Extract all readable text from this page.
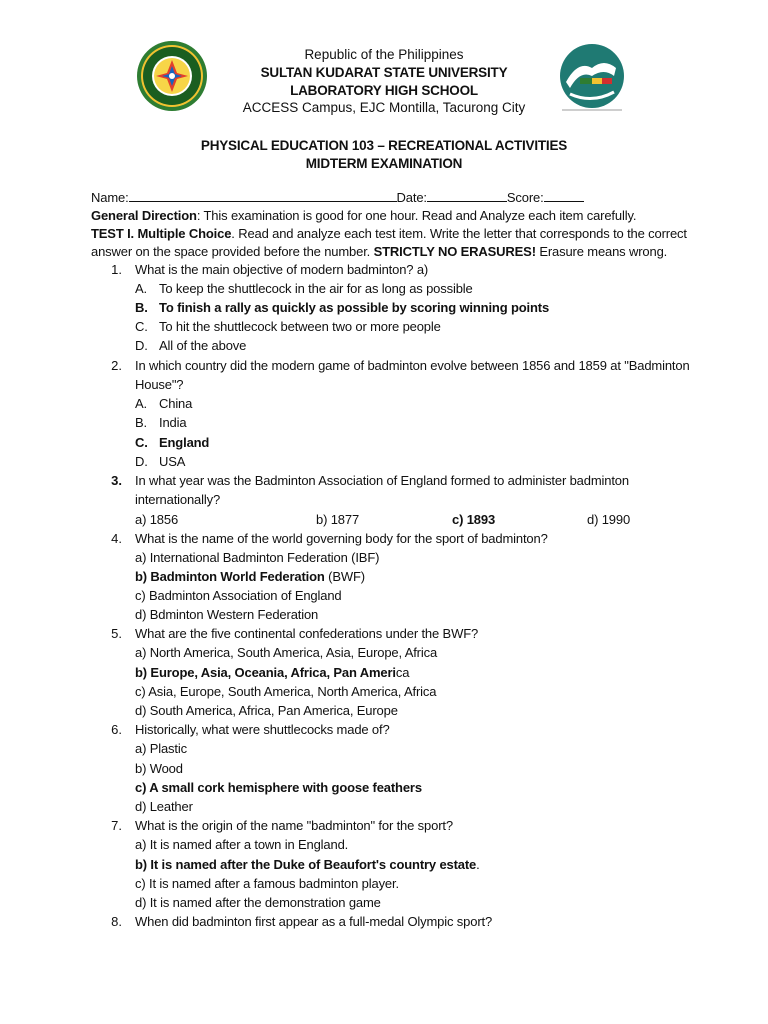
Republic of the Philippines
SULTAN KUDARAT STATE UNIVERSITY
LABORATORY HIGH SCHOOL
ACCESS Campus, EJC Montilla, Tacurong City
PHYSICAL EDUCATION 103 – RECREATIONAL ACTIVITIES
MIDTERM EXAMINATION
Name:	Date:	Score:
General Direction: This examination is good for one hour. Read and Analyze each item carefully.
TEST I. Multiple Choice. Read and analyze each test item. Write the letter that corresponds to the correct
answer on the space provided before the number. STRICTLY NO ERASURES! Erasure means wrong.
1. What is the main objective of modern badminton? a)
A. To keep the shuttlecock in the air for as long as possible
B. To finish a rally as quickly as possible by scoring winning points
C. To hit the shuttlecock between two or more people
D. All of the above
2. In which country did the modern game of badminton evolve between 1856 and 1859 at "Badminton
House"?
A. China
B. India
C. England
D. USA
3. In what year was the Badminton Association of England formed to administer badminton
internationally?
a) 1856	b) 1877	c) 1893	d) 1990
4. What is the name of the world governing body for the sport of badminton?
a) International Badminton Federation (IBF)
b) Badminton World Federation (BWF)
c) Badminton Association of England
d) Bdminton Western Federation
5. What are the five continental confederations under the BWF?
a) North America, South America, Asia, Europe, Africa
b) Europe, Asia, Oceania, Africa, Pan America
c) Asia, Europe, South America, North America, Africa
d) South America, Africa, Pan America, Europe
6. Historically, what were shuttlecocks made of?
a) Plastic
b) Wood
c) A small cork hemisphere with goose feathers
d) Leather
7. What is the origin of the name "badminton" for the sport?
a) It is named after a town in England.
b) It is named after the Duke of Beaufort's country estate.
c) It is named after a famous badminton player.
d) It is named after the demonstration game
8. When did badminton first appear as a full-medal Olympic sport?
